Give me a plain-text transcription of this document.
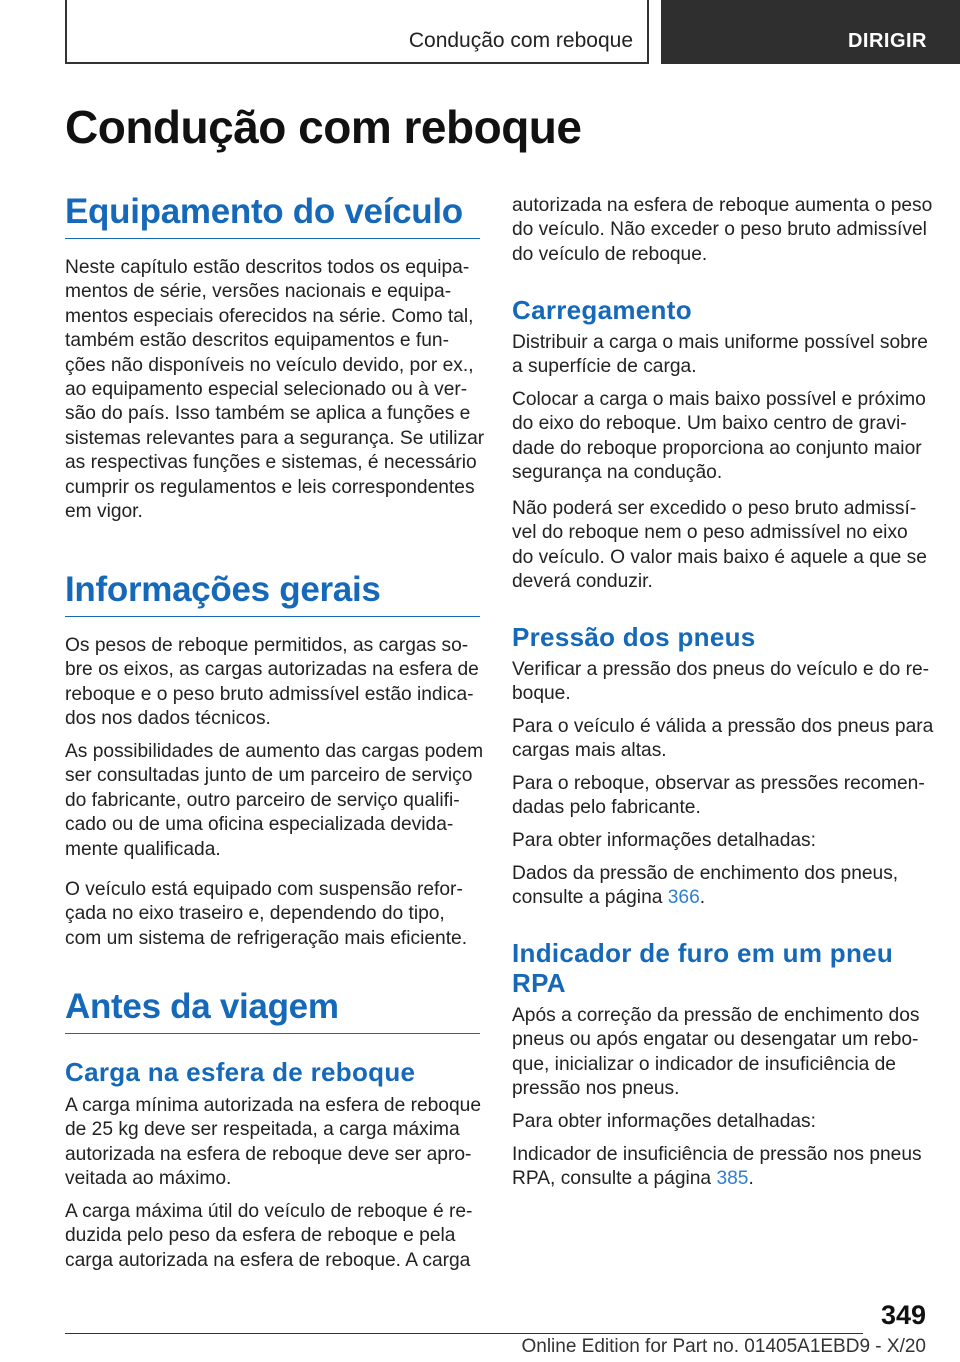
Condução com reboque	DIRIGIR
Condução com reboque
Equipamento do veículo

Neste capítulo estão descritos todos os equipa-
mentos de série, versões nacionais e equipa-
mentos especiais oferecidos na série. Como tal,
também estão descritos equipamentos e fun-
ções não disponíveis no veículo devido, por ex.,
ao equipamento especial selecionado ou à ver-
são do país. Isso também se aplica a funções e
sistemas relevantes para a segurança. Se utilizar
as respectivas funções e sistemas, é necessário
cumprir os regulamentos e leis correspondentes
em vigor.

Informações gerais

Os pesos de reboque permitidos, as cargas so-
bre os eixos, as cargas autorizadas na esfera de
reboque e o peso bruto admissível estão indica-
dos nos dados técnicos.

As possibilidades de aumento das cargas podem
ser consultadas junto de um parceiro de serviço
do fabricante, outro parceiro de serviço qualifi-
cado ou de uma oficina especializada devida-
mente qualificada.

O veículo está equipado com suspensão refor-
çada no eixo traseiro e, dependendo do tipo,
com um sistema de refrigeração mais eficiente.

Antes da viagem
Carga na esfera de reboque

A carga mínima autorizada na esfera de reboque
de 25 kg deve ser respeitada, a carga máxima
autorizada na esfera de reboque deve ser apro-
veitada ao máximo.

A carga máxima útil do veículo de reboque é re-
duzida pelo peso da esfera de reboque e pela
carga autorizada na esfera de reboque. A carga

autorizada na esfera de reboque aumenta o peso
do veículo. Não exceder o peso bruto admissível
do veículo de reboque.

Carregamento

Distribuir a carga o mais uniforme possível sobre
a superfície de carga.

Colocar a carga o mais baixo possível e próximo
do eixo do reboque. Um baixo centro de gravi-
dade do reboque proporciona ao conjunto maior
segurança na condução.

Não poderá ser excedido o peso bruto admissí-
vel do reboque nem o peso admissível no eixo
do veículo. O valor mais baixo é aquele a que se
deverá conduzir.

Pressão dos pneus

Verificar a pressão dos pneus do veículo e do re-
boque.

Para o veículo é válida a pressão dos pneus para
cargas mais altas.

Para o reboque, observar as pressões recomen-
dadas pelo fabricante.

Para obter informações detalhadas:

Dados da pressão de enchimento dos pneus,
consulte a página 366.

Indicador de furo em um pneu
RPA

Após a correção da pressão de enchimento dos
pneus ou após engatar ou desengatar um rebo-
que, inicializar o indicador de insuficiência de
pressão nos pneus.

Para obter informações detalhadas:

Indicador de insuficiência de pressão nos pneus
RPA, consulte a página 385.

349
Online Edition for Part no. 01405A1EBD9 - X/20
